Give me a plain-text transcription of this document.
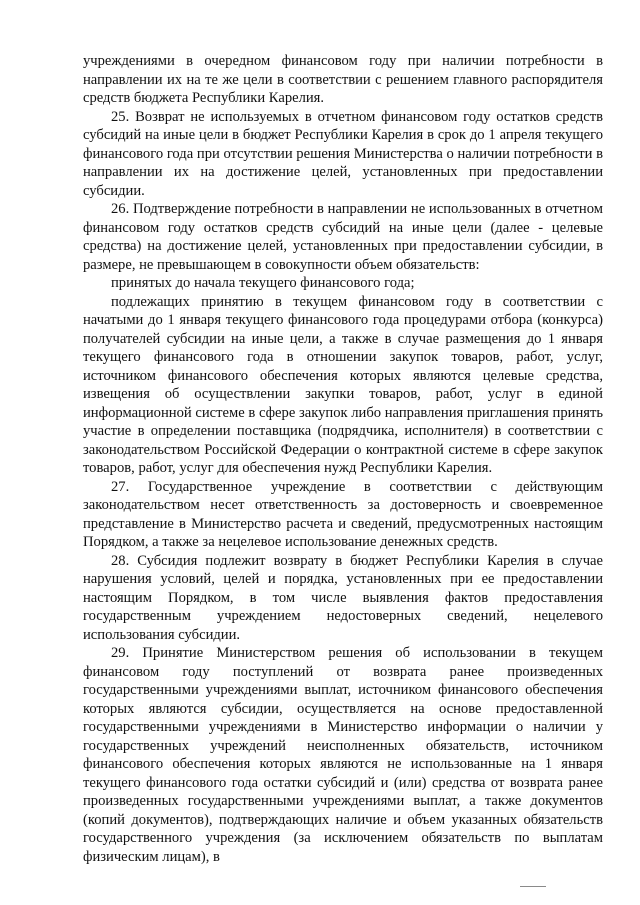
учреждениями в очередном финансовом году при наличии потребности в направлении их на те же цели в соответствии с решением главного распорядителя средств бюджета Республики Карелия.

25. Возврат не используемых в отчетном финансовом году остатков средств субсидий на иные цели в бюджет Республики Карелия в срок до 1 апреля текущего финансового года при отсутствии решения Министерства о наличии потребности в направлении их на достижение целей, установленных при предоставлении субсидии.

26. Подтверждение потребности в направлении не использованных в отчетном финансовом году остатков средств субсидий на иные цели (далее - целевые средства) на достижение целей, установленных при предоставлении субсидии, в размере, не превышающем в совокупности объем обязательств:

принятых до начала текущего финансового года;

подлежащих принятию в текущем финансовом году в соответствии с начатыми до 1 января текущего финансового года процедурами отбора (конкурса) получателей субсидии на иные цели, а также в случае размещения до 1 января текущего финансового года в отношении закупок товаров, работ, услуг, источником финансового обеспечения которых являются целевые средства, извещения об осуществлении закупки товаров, работ, услуг в единой информационной системе в сфере закупок либо направления приглашения принять участие в определении поставщика (подрядчика, исполнителя) в соответствии с законодательством Российской Федерации о контрактной системе в сфере закупок товаров, работ, услуг для обеспечения нужд Республики Карелия.

27. Государственное учреждение в соответствии с действующим законодательством несет ответственность за достоверность и своевременное представление в Министерство расчета и сведений, предусмотренных настоящим Порядком, а также за нецелевое использование денежных средств.

28. Субсидия подлежит возврату в бюджет Республики Карелия в случае нарушения условий, целей и порядка, установленных при ее предоставлении настоящим Порядком, в том числе выявления фактов предоставления государственным учреждением недостоверных сведений, нецелевого использования субсидии.

29. Принятие Министерством решения об использовании в текущем финансовом году поступлений от возврата ранее произведенных государственными учреждениями выплат, источником финансового обеспечения которых являются субсидии, осуществляется на основе предоставленной государственными учреждениями в Министерство информации о наличии у государственных учреждений неисполненных обязательств, источником финансового обеспечения которых являются не использованные на 1 января текущего финансового года остатки субсидий и (или) средства от возврата ранее произведенных государственными учреждениями выплат, а также документов (копий документов), подтверждающих наличие и объем указанных обязательств государственного учреждения (за исключением обязательств по выплатам физическим лицам), в
